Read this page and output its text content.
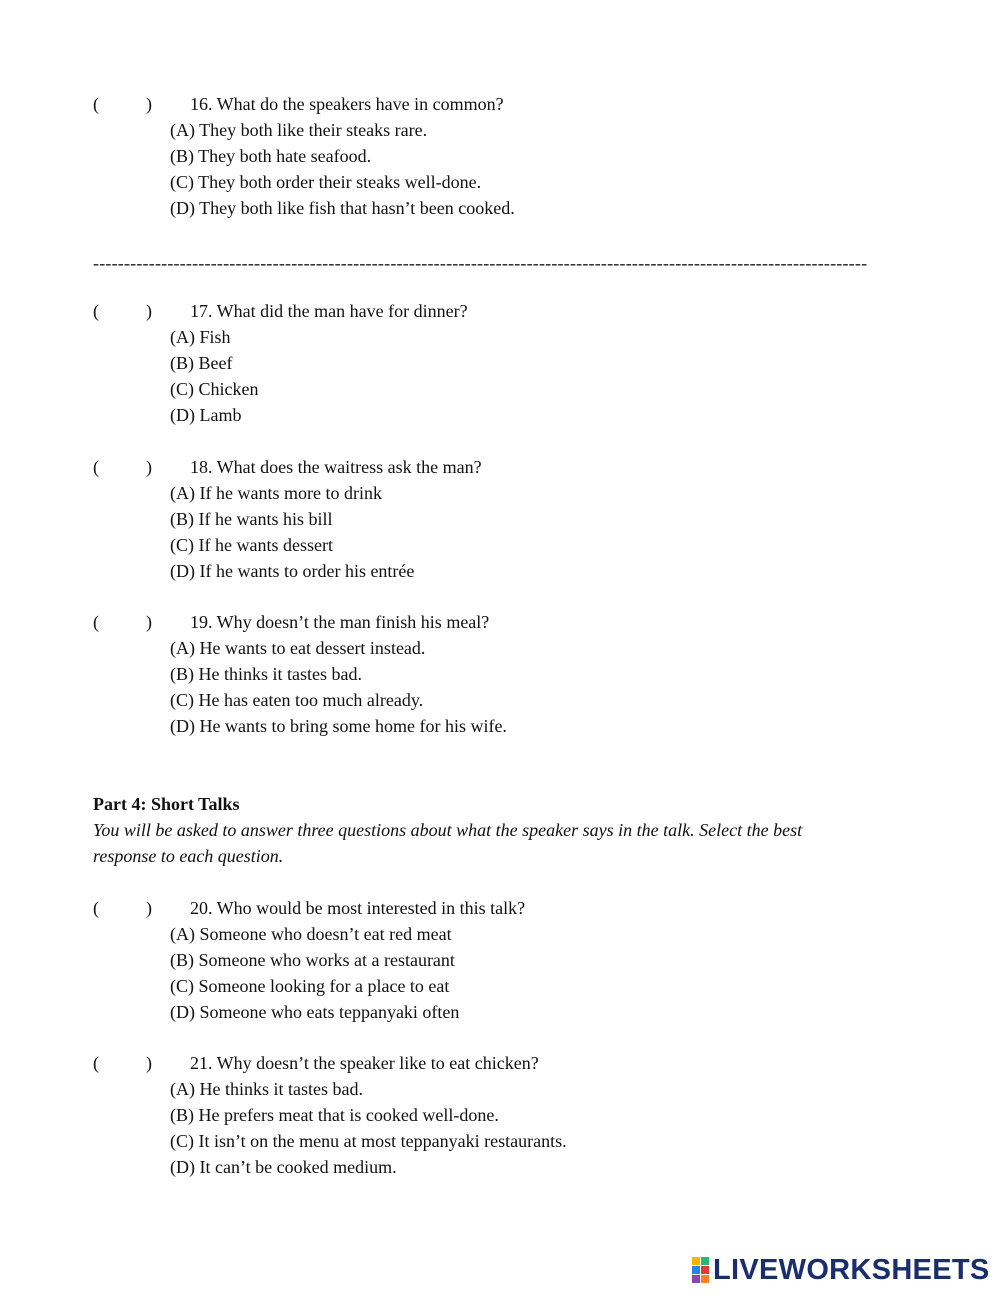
(	) 16. What do the speakers have in common?
(A) They both like their steaks rare.
(B) They both hate seafood.
(C) They both order their steaks well-done.
(D) They both like fish that hasn’t been cooked.
-----------------------------------------------------------------------------------------------------------------------------
(	) 17. What did the man have for dinner?
(A) Fish
(B) Beef
(C) Chicken
(D) Lamb
(	) 18. What does the waitress ask the man?
(A) If he wants more to drink
(B) If he wants his bill
(C) If he wants dessert
(D) If he wants to order his entrée
(	) 19. Why doesn’t the man finish his meal?
(A) He wants to eat dessert instead.
(B) He thinks it tastes bad.
(C) He has eaten too much already.
(D) He wants to bring some home for his wife.
Part 4: Short Talks
You will be asked to answer three questions about what the speaker says in the talk. Select the best
response to each question.
(	) 20. Who would be most interested in this talk?
(A) Someone who doesn’t eat red meat
(B) Someone who works at a restaurant
(C) Someone looking for a place to eat
(D) Someone who eats teppanyaki often
(	) 21. Why doesn’t the speaker like to eat chicken?
(A) He thinks it tastes bad.
(B) He prefers meat that is cooked well-done.
(C) It isn’t on the menu at most teppanyaki restaurants.
(D) It can’t be cooked medium.
LIVEWORKSHEETS
